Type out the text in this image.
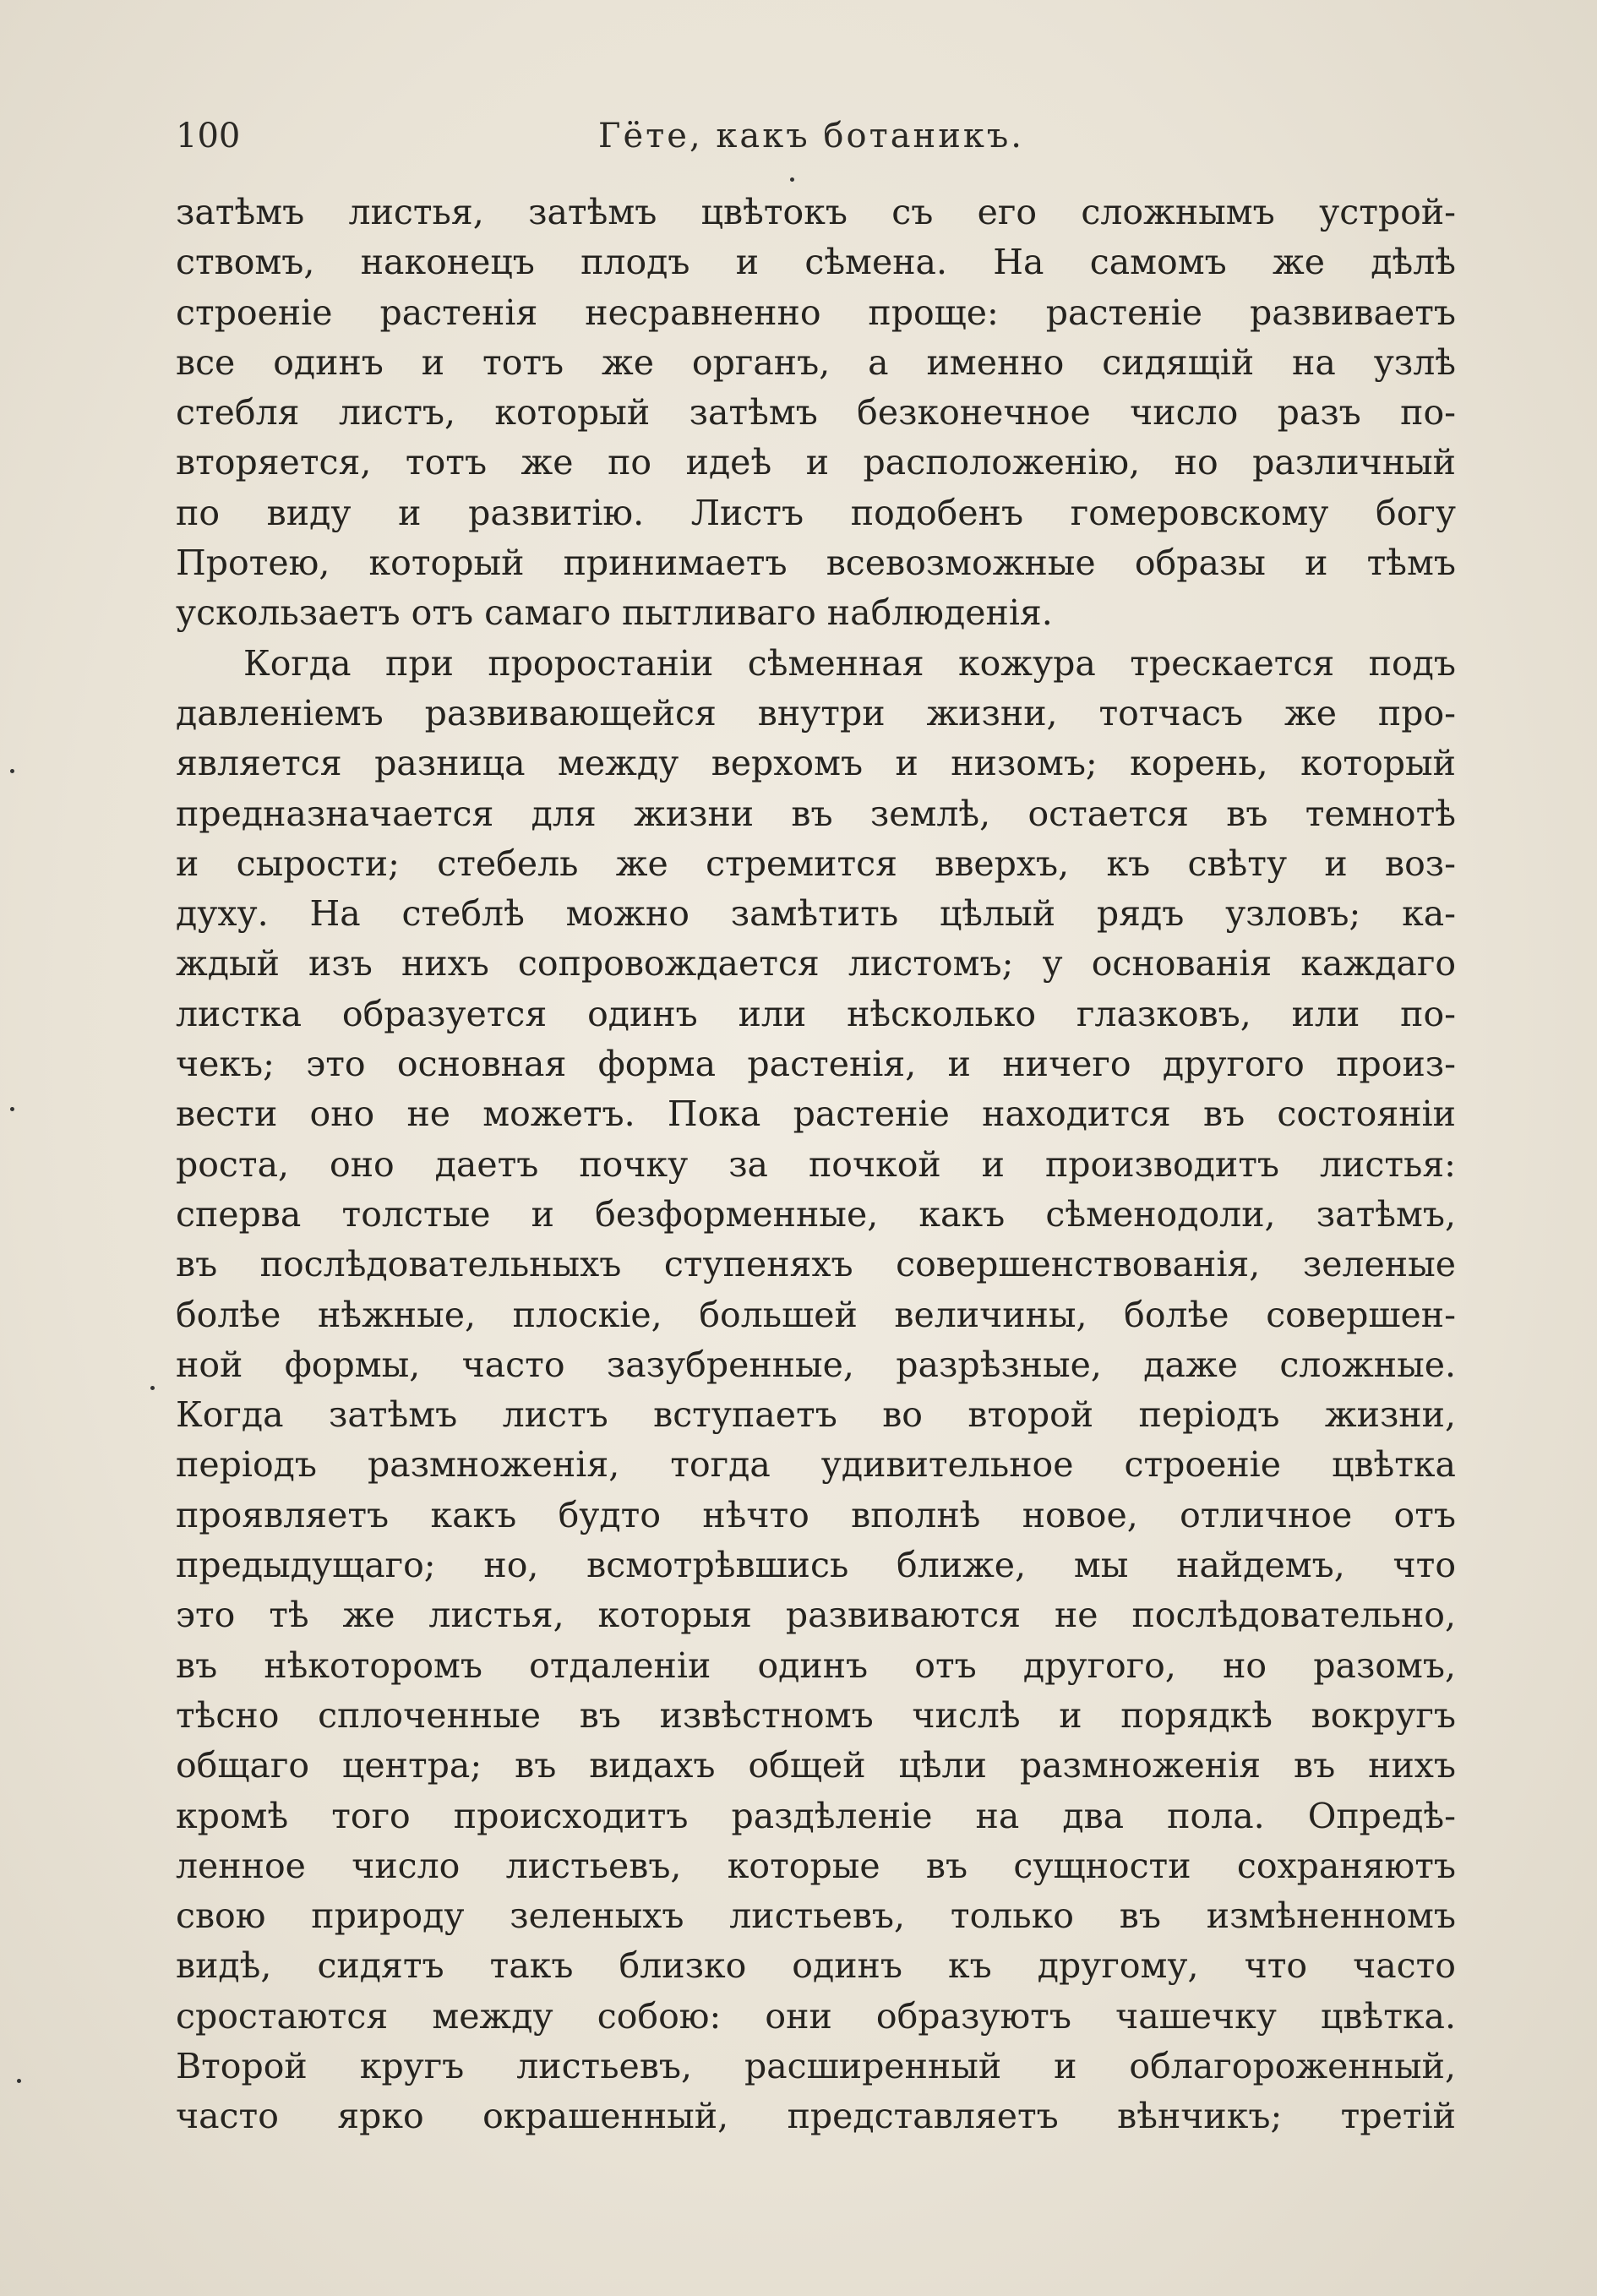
100	Гёте, какъ ботаникъ.
затѣмъ листья, затѣмъ цвѣтокъ съ его сложнымъ устрой-
ствомъ, наконецъ плодъ и сѣмена. На самомъ же дѣлѣ
строеніе растенія несравненно проще: растеніе развиваетъ
все одинъ и тотъ же органъ, а именно сидящій на узлѣ
стебля листъ, который затѣмъ безконечное число разъ по-
вторяется, тотъ же по идеѣ и расположенію, но различный
по виду и развитію. Листъ подобенъ гомеровскому богу
Протею, который принимаетъ всевозможные образы и тѣмъ
ускользаетъ отъ самаго пытливаго наблюденія.
Когда при проростаніи сѣменная кожура трескается подъ
давленіемъ развивающейся внутри жизни, тотчасъ же про-
является разница между верхомъ и низомъ; корень, который
предназначается для жизни въ землѣ, остается въ темнотѣ
и сырости; стебель же стремится вверхъ, къ свѣту и воз-
духу. На стеблѣ можно замѣтить цѣлый рядъ узловъ; ка-
ждый изъ нихъ сопровождается листомъ; у основанія каждаго
листка образуется одинъ или нѣсколько глазковъ, или по-
чекъ; это основная форма растенія, и ничего другого произ-
вести оно не можетъ. Пока растеніе находится въ состояніи
роста, оно даетъ почку за почкой и производитъ листья:
сперва толстые и безформенные, какъ сѣменодоли, затѣмъ,
въ послѣдовательныхъ ступеняхъ совершенствованія, зеленые
болѣе нѣжные, плоскіе, большей величины, болѣе совершен-
ной формы, часто зазубренные, разрѣзные, даже сложные.
Когда затѣмъ листъ вступаетъ во второй періодъ жизни,
періодъ размноженія, тогда удивительное строеніе цвѣтка
проявляетъ какъ будто нѣчто вполнѣ новое, отличное отъ
предыдущаго; но, всмотрѣвшись ближе, мы найдемъ, что
это тѣ же листья, которыя развиваются не послѣдовательно,
въ нѣкоторомъ отдаленіи одинъ отъ другого, но разомъ,
тѣсно сплоченные въ извѣстномъ числѣ и порядкѣ вокругъ
общаго центра; въ видахъ общей цѣли размноженія въ нихъ
кромѣ того происходитъ раздѣленіе на два пола. Опредѣ-
ленное число листьевъ, которые въ сущности сохраняютъ
свою природу зеленыхъ листьевъ, только въ измѣненномъ
видѣ, сидятъ такъ близко одинъ къ другому, что часто
сростаются между собою: они образуютъ чашечку цвѣтка.
Второй кругъ листьевъ, расширенный и облагороженный,
часто ярко окрашенный, представляетъ вѣнчикъ; третій
